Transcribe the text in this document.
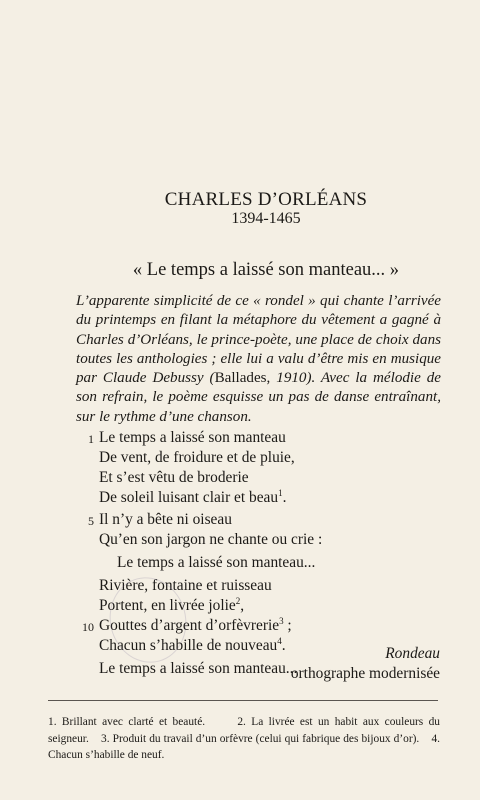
CHARLES D’ORLÉANS
1394-1465
« Le temps a laissé son manteau... »
L’apparente simplicité de ce « rondel » qui chante l’arrivée du printemps en filant la métaphore du vêtement a gagné à Charles d’Orléans, le prince-poète, une place de choix dans toutes les anthologies ; elle lui a valu d’être mis en musique par Claude Debussy (Ballades, 1910). Avec la mélodie de son refrain, le poème esquisse un pas de danse entraînant, sur le rythme d’une chanson.
1 Le temps a laissé son manteau
De vent, de froidure et de pluie,
Et s’est vêtu de broderie
De soleil luisant clair et beau$^1$.
5 Il n’y a bête ni oiseau
Qu’en son jargon ne chante ou crie :
Le temps a laissé son manteau...
Rivière, fontaine et ruisseau
Portent, en livrée jolie$^2$,
10 Gouttes d’argent d’orfèvrerie$^3$ ;
Chacun s’habille de nouveau$^4$.
Le temps a laissé son manteau...
Rondeau
orthographe modernisée
1. Brillant avec clarté et beauté.	2. La livrée est un habit aux couleurs du seigneur. 3. Produit du travail d’un orfèvre (celui qui fabrique des bijoux d’or). 4. Chacun s’habille de neuf.
